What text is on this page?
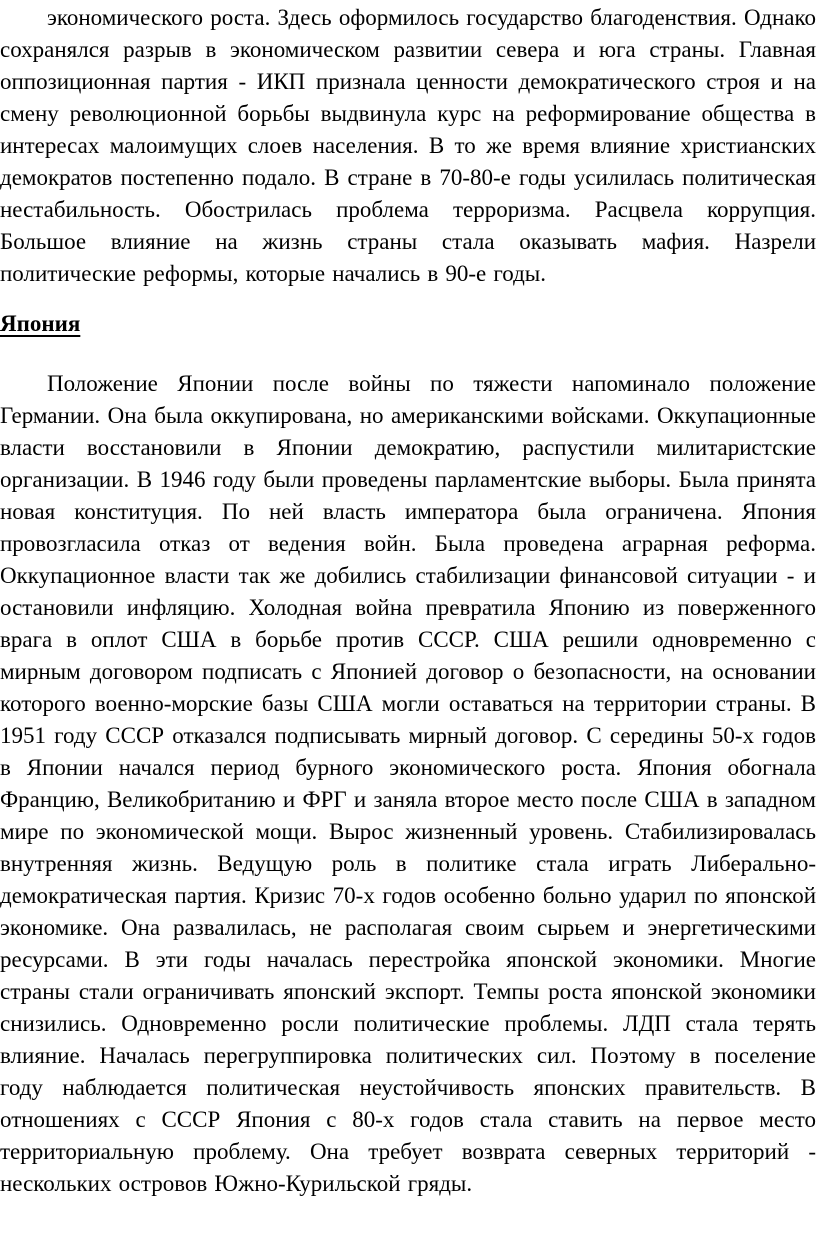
экономического роста. Здесь оформилось государство благоденствия. Однако сохранялся разрыв в экономическом развитии севера и юга страны. Главная оппозиционная партия - ИКП признала ценности демократического строя и на смену революционной борьбы выдвинула курс на реформирование общества в интересах малоимущих слоев населения. В то же время влияние христианских демократов постепенно подало. В стране в 70-80-е годы усилилась политическая нестабильность. Обострилась проблема терроризма. Расцвела коррупция. Большое влияние на жизнь страны стала оказывать мафия. Назрели политические реформы, которые начались в 90-е годы.

Япония

Положение Японии после войны по тяжести напоминало положение Германии. Она была оккупирована, но американскими войсками. Оккупационные власти восстановили в Японии демократию, распустили милитаристские организации. В 1946 году были проведены парламентские выборы. Была принята новая конституция. По ней власть императора была ограничена. Япония провозгласила отказ от ведения войн. Была проведена аграрная реформа. Оккупационное власти так же добились стабилизации финансовой ситуации - и остановили инфляцию. Холодная война превратила Японию из поверженного врага в оплот США в борьбе против СССР. США решили одновременно с мирным договором подписать с Японией договор о безопасности, на основании которого военно-морские базы США могли оставаться на территории страны. В 1951 году СССР отказался подписывать мирный договор. С середины 50-х годов в Японии начался период бурного экономического роста. Япония обогнала Францию, Великобританию и ФРГ и заняла второе место после США в западном мире по экономической мощи. Вырос жизненный уровень. Стабилизировалась внутренняя жизнь. Ведущую роль в политике стала играть Либерально-демократическая партия. Кризис 70-х годов особенно больно ударил по японской экономике. Она развалилась, не располагая своим сырьем и энергетическими ресурсами. В эти годы началась перестройка японской экономики. Многие страны стали ограничивать японский экспорт. Темпы роста японской экономики снизились. Одновременно росли политические проблемы. ЛДП стала терять влияние. Началась перегруппировка политических сил. Поэтому в поселение году наблюдается политическая неустойчивость японских правительств. В отношениях с СССР Япония с 80-х годов стала ставить на первое место территориальную проблему. Она требует возврата северных территорий - нескольких островов Южно-Курильской гряды.
